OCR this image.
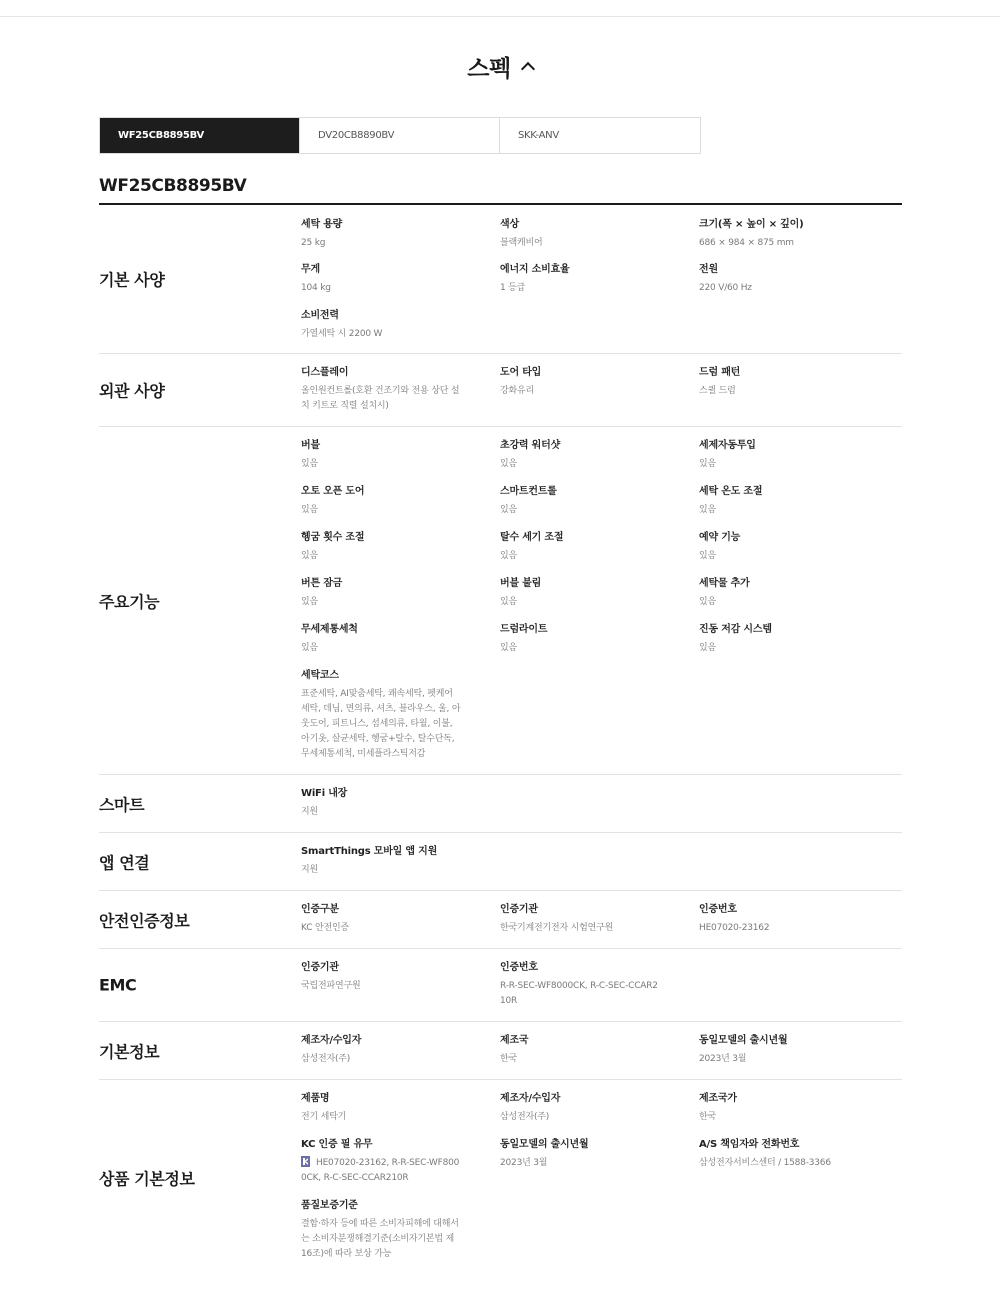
스펙
WF25CB8895BV	DV20CB8890BV	SKK-ANV
WF25CB8895BV
기본 사양
세탁 용량
25 kg
색상
블랙캐비어
크기(폭 × 높이 × 깊이)
686 × 984 × 875 mm
무게
104 kg
에너지 소비효율
1 등급
전원
220 V/60 Hz
소비전력
가열세탁 시 2200 W
외관 사양
디스플레이
올인원컨트롤(호환 건조기와 전용 상단 설치 키트로 직렬 설치시)
도어 타입
강화유리
드럼 패턴
스퀼 드럼
주요기능
버블
있음
초강력 워터샷
있음
세제자동투입
있음
오토 오픈 도어
있음
스마트컨트롤
있음
세탁 온도 조절
있음
헹굼 횟수 조절
있음
탈수 세기 조절
있음
예약 기능
있음
버튼 잠금
있음
버블 불림
있음
세탁물 추가
있음
무세제통세척
있음
드럼라이트
있음
진동 저감 시스템
있음
세탁코스
표준세탁, AI맞춤세탁, 쾌속세탁, 펫케어 세탁, 데님, 면의류, 셔츠, 블라우스, 울, 아웃도어, 피트니스, 섬세의류, 타월, 이불, 아기옷, 살균세탁, 헹굼+탈수, 탈수단독, 무세제통세척, 미세플라스틱저감
스마트
WiFi 내장
지원
앱 연결
SmartThings 모바일 앱 지원
지원
안전인증정보
인증구분
KC 안전인증
인증기관
한국기계전기전자 시험연구원
인증번호
HE07020-23162
EMC
인증기관
국립전파연구원
인증번호
R-R-SEC-WF8000CK, R-C-SEC-CCAR210R
기본정보
제조자/수입자
삼성전자(주)
제조국
한국
동일모델의 출시년월
2023년 3월
상품 기본정보
제품명
전기 세탁기
제조자/수입자
삼성전자(주)
제조국가
한국
KC 인증 필 유무
HE07020-23162, R-R-SEC-WF8000CK, R-C-SEC-CCAR210R
동일모델의 출시년월
2023년 3월
A/S 책임자와 전화번호
삼성전자서비스센터 / 1588-3366
품질보증기준
결함·하자 등에 따른 소비자피해에 대해서는 소비자분쟁해결기준(소비자기본법 제16조)에 따라 보상 가능
